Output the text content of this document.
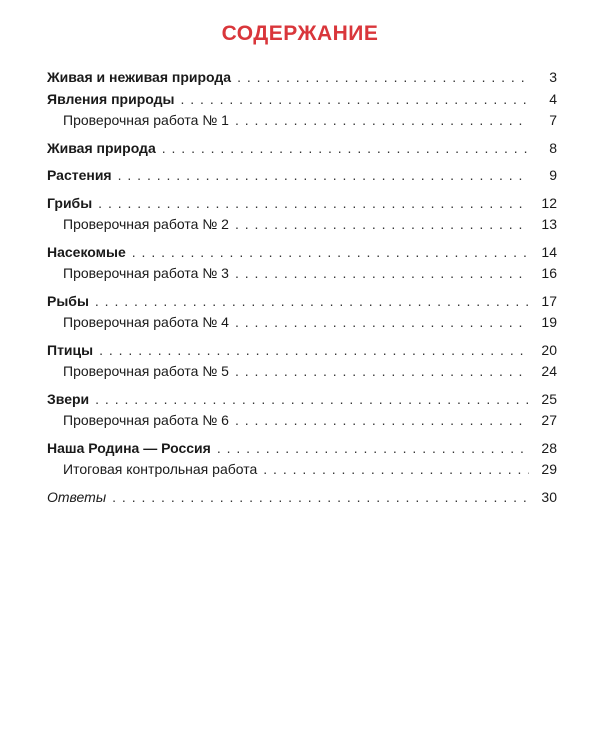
СОДЕРЖАНИЕ
Живая и неживая природа . . .	3
Явления природы . . .	4
Проверочная работа № 1 . . .	7
Живая природа . . .	8
Растения . . .	9
Грибы . . .	12
Проверочная работа № 2 . . .	13
Насекомые . . .	14
Проверочная работа № 3 . . .	16
Рыбы . . .	17
Проверочная работа № 4 . . .	19
Птицы . . .	20
Проверочная работа № 5 . . .	24
Звери . . .	25
Проверочная работа № 6 . . .	27
Наша Родина — Россия . . .	28
Итоговая контрольная работа . . .	29
Ответы . . .	30
